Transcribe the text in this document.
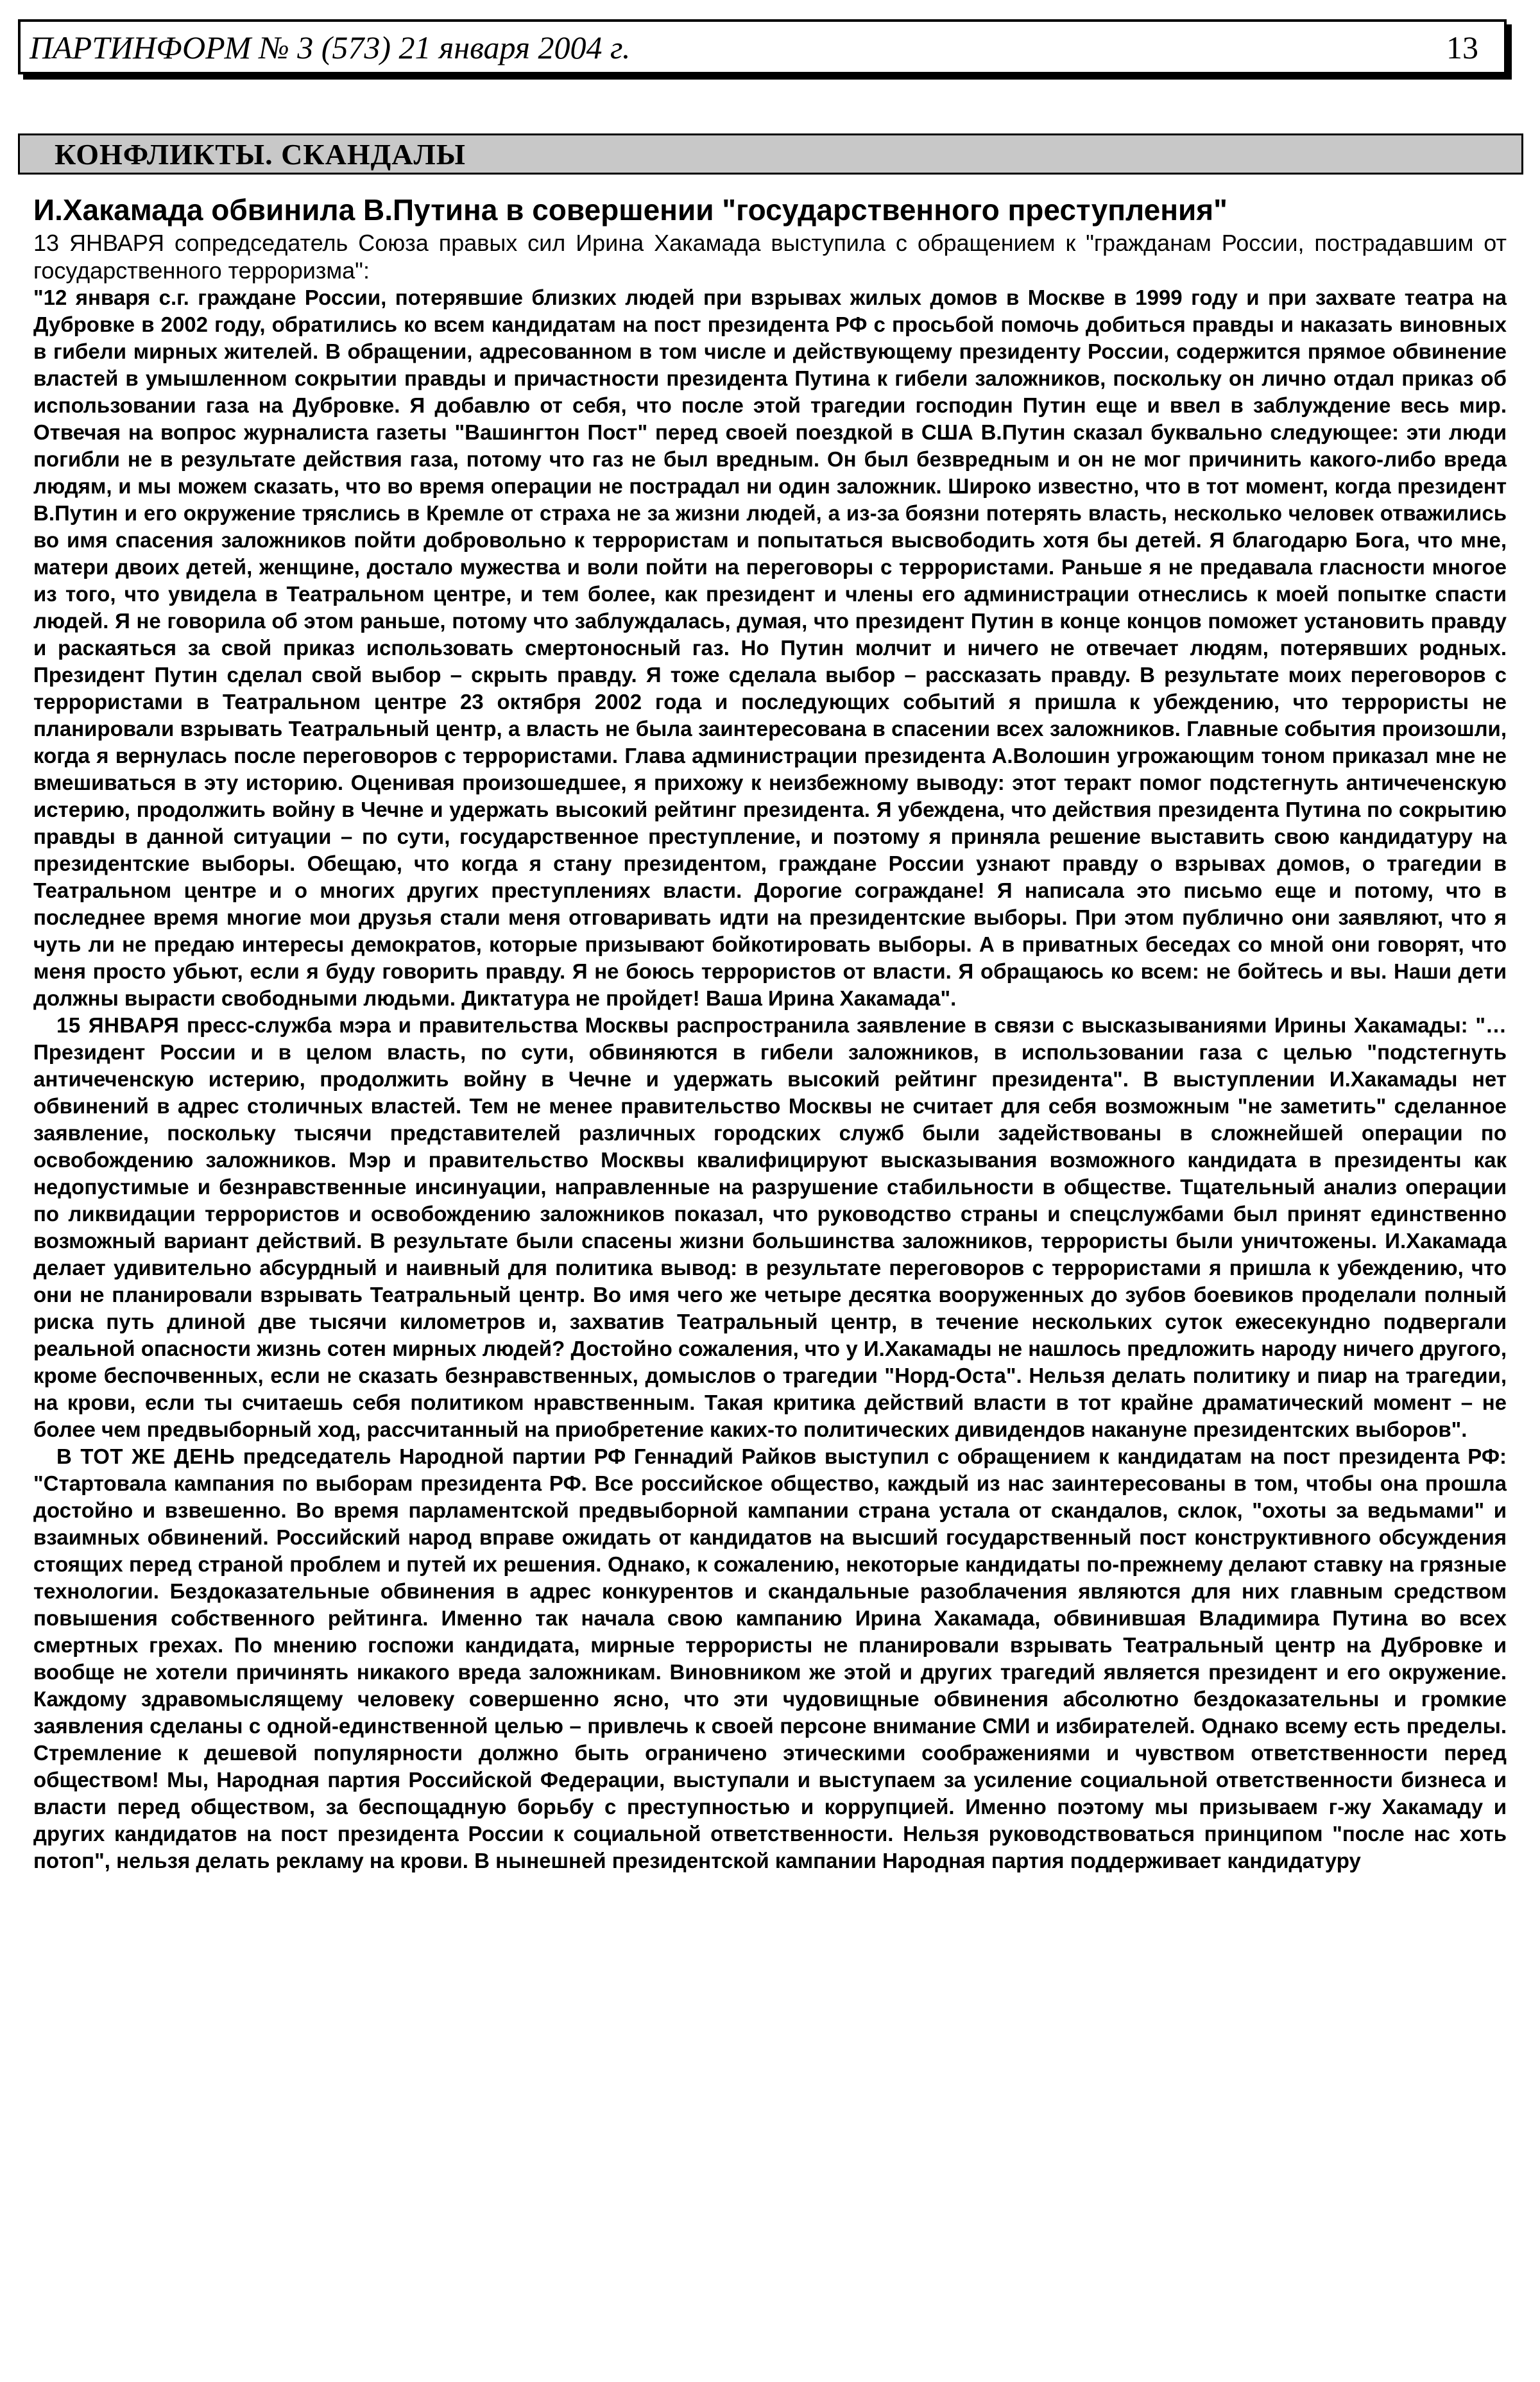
ПАРТИНФОРМ № 3 (573) 21 января 2004 г.	13
КОНФЛИКТЫ. СКАНДАЛЫ
И.Хакамада обвинила В.Путина в совершении "государственного преступления"

13 ЯНВАРЯ сопредседатель Союза правых сил Ирина Хакамада выступила с обращением к "гражданам России, пострадавшим от государственного терроризма":

"12 января с.г. граждане России, потерявшие близких людей при взрывах жилых домов в Москве в 1999 году и при захвате театра на Дубровке в 2002 году, обратились ко всем кандидатам на пост президента РФ с просьбой помочь добиться правды и наказать виновных в гибели мирных жителей. В обращении, адресованном в том числе и действующему президенту России, содержится прямое обвинение властей в умышленном сокрытии правды и причастности президента Путина к гибели заложников, поскольку он лично отдал приказ об использовании газа на Дубровке. Я добавлю от себя, что после этой трагедии господин Путин еще и ввел в заблуждение весь мир. Отвечая на вопрос журналиста газеты "Вашингтон Пост" перед своей поездкой в США В.Путин сказал буквально следующее: эти люди погибли не в результате действия газа, потому что газ не был вредным. Он был безвредным и он не мог причинить какого-либо вреда людям, и мы можем сказать, что во время операции не пострадал ни один заложник. Широко известно, что в тот момент, когда президент В.Путин и его окружение тряслись в Кремле от страха не за жизни людей, а из-за боязни потерять власть, несколько человек отважились во имя спасения заложников пойти добровольно к террористам и попытаться высвободить хотя бы детей. Я благодарю Бога, что мне, матери двоих детей, женщине, достало мужества и воли пойти на переговоры с террористами. Раньше я не предавала гласности многое из того, что увидела в Театральном центре, и тем более, как президент и члены его администрации отнеслись к моей попытке спасти людей. Я не говорила об этом раньше, потому что заблуждалась, думая, что президент Путин в конце концов поможет установить правду и раскаяться за свой приказ использовать смертоносный газ. Но Путин молчит и ничего не отвечает людям, потерявших родных. Президент Путин сделал свой выбор – скрыть правду. Я тоже сделала выбор – рассказать правду. В результате моих переговоров с террористами в Театральном центре 23 октября 2002 года и последующих событий я пришла к убеждению, что террористы не планировали взрывать Театральный центр, а власть не была заинтересована в спасении всех заложников. Главные события произошли, когда я вернулась после переговоров с террористами. Глава администрации президента А.Волошин угрожающим тоном приказал мне не вмешиваться в эту историю. Оценивая произошедшее, я прихожу к неизбежному выводу: этот теракт помог подстегнуть античеченскую истерию, продолжить войну в Чечне и удержать высокий рейтинг президента. Я убеждена, что действия президента Путина по сокрытию правды в данной ситуации – по сути, государственное преступление, и поэтому я приняла решение выставить свою кандидатуру на президентские выборы. Обещаю, что когда я стану президентом, граждане России узнают правду о взрывах домов, о трагедии в Театральном центре и о многих других преступлениях власти. Дорогие сограждане! Я написала это письмо еще и потому, что в последнее время многие мои друзья стали меня отговаривать идти на президентские выборы. При этом публично они заявляют, что я чуть ли не предаю интересы демократов, которые призывают бойкотировать выборы. А в приватных беседах со мной они говорят, что меня просто убьют, если я буду говорить правду. Я не боюсь террористов от власти. Я обращаюсь ко всем: не бойтесь и вы. Наши дети должны вырасти свободными людьми. Диктатура не пройдет! Ваша Ирина Хакамада".

15 ЯНВАРЯ пресс-служба мэра и правительства Москвы распространила заявление в связи с высказываниями Ирины Хакамады: "…Президент России и в целом власть, по сути, обвиняются в гибели заложников, в использовании газа с целью "подстегнуть античеченскую истерию, продолжить войну в Чечне и удержать высокий рейтинг президента". В выступлении И.Хакамады нет обвинений в адрес столичных властей. Тем не менее правительство Москвы не считает для себя возможным "не заметить" сделанное заявление, поскольку тысячи представителей различных городских служб были задействованы в сложнейшей операции по освобождению заложников. Мэр и правительство Москвы квалифицируют высказывания возможного кандидата в президенты как недопустимые и безнравственные инсинуации, направленные на разрушение стабильности в обществе. Тщательный анализ операции по ликвидации террористов и освобождению заложников показал, что руководство страны и спецслужбами был принят единственно возможный вариант действий. В результате были спасены жизни большинства заложников, террористы были уничтожены. И.Хакамада делает удивительно абсурдный и наивный для политика вывод: в результате переговоров с террористами я пришла к убеждению, что они не планировали взрывать Театральный центр. Во имя чего же четыре десятка вооруженных до зубов боевиков проделали полный риска путь длиной две тысячи километров и, захватив Театральный центр, в течение нескольких суток ежесекундно подвергали реальной опасности жизнь сотен мирных людей? Достойно сожаления, что у И.Хакамады не нашлось предложить народу ничего другого, кроме беспочвенных, если не сказать безнравственных, домыслов о трагедии "Норд-Оста". Нельзя делать политику и пиар на трагедии, на крови, если ты считаешь себя политиком нравственным. Такая критика действий власти в тот крайне драматический момент – не более чем предвыборный ход, рассчитанный на приобретение каких-то политических дивидендов накануне президентских выборов".

В ТОТ ЖЕ ДЕНЬ председатель Народной партии РФ Геннадий Райков выступил с обращением к кандидатам на пост президента РФ: "Стартовала кампания по выборам президента РФ. Все российское общество, каждый из нас заинтересованы в том, чтобы она прошла достойно и взвешенно. Во время парламентской предвыборной кампании страна устала от скандалов, склок, "охоты за ведьмами" и взаимных обвинений. Российский народ вправе ожидать от кандидатов на высший государственный пост конструктивного обсуждения стоящих перед страной проблем и путей их решения. Однако, к сожалению, некоторые кандидаты по-прежнему делают ставку на грязные технологии. Бездоказательные обвинения в адрес конкурентов и скандальные разоблачения являются для них главным средством повышения собственного рейтинга. Именно так начала свою кампанию Ирина Хакамада, обвинившая Владимира Путина во всех смертных грехах. По мнению госпожи кандидата, мирные террористы не планировали взрывать Театральный центр на Дубровке и вообще не хотели причинять никакого вреда заложникам. Виновником же этой и других трагедий является президент и его окружение. Каждому здравомыслящему человеку совершенно ясно, что эти чудовищные обвинения абсолютно бездоказательны и громкие заявления сделаны с одной-единственной целью – привлечь к своей персоне внимание СМИ и избирателей. Однако всему есть пределы. Стремление к дешевой популярности должно быть ограничено этическими соображениями и чувством ответственности перед обществом! Мы, Народная партия Российской Федерации, выступали и выступаем за усиление социальной ответственности бизнеса и власти перед обществом, за беспощадную борьбу с преступностью и коррупцией. Именно поэтому мы призываем г-жу Хакамаду и других кандидатов на пост президента России к социальной ответственности. Нельзя руководствоваться принципом "после нас хоть потоп", нельзя делать рекламу на крови. В нынешней президентской кампании Народная партия поддерживает кандидатуру
